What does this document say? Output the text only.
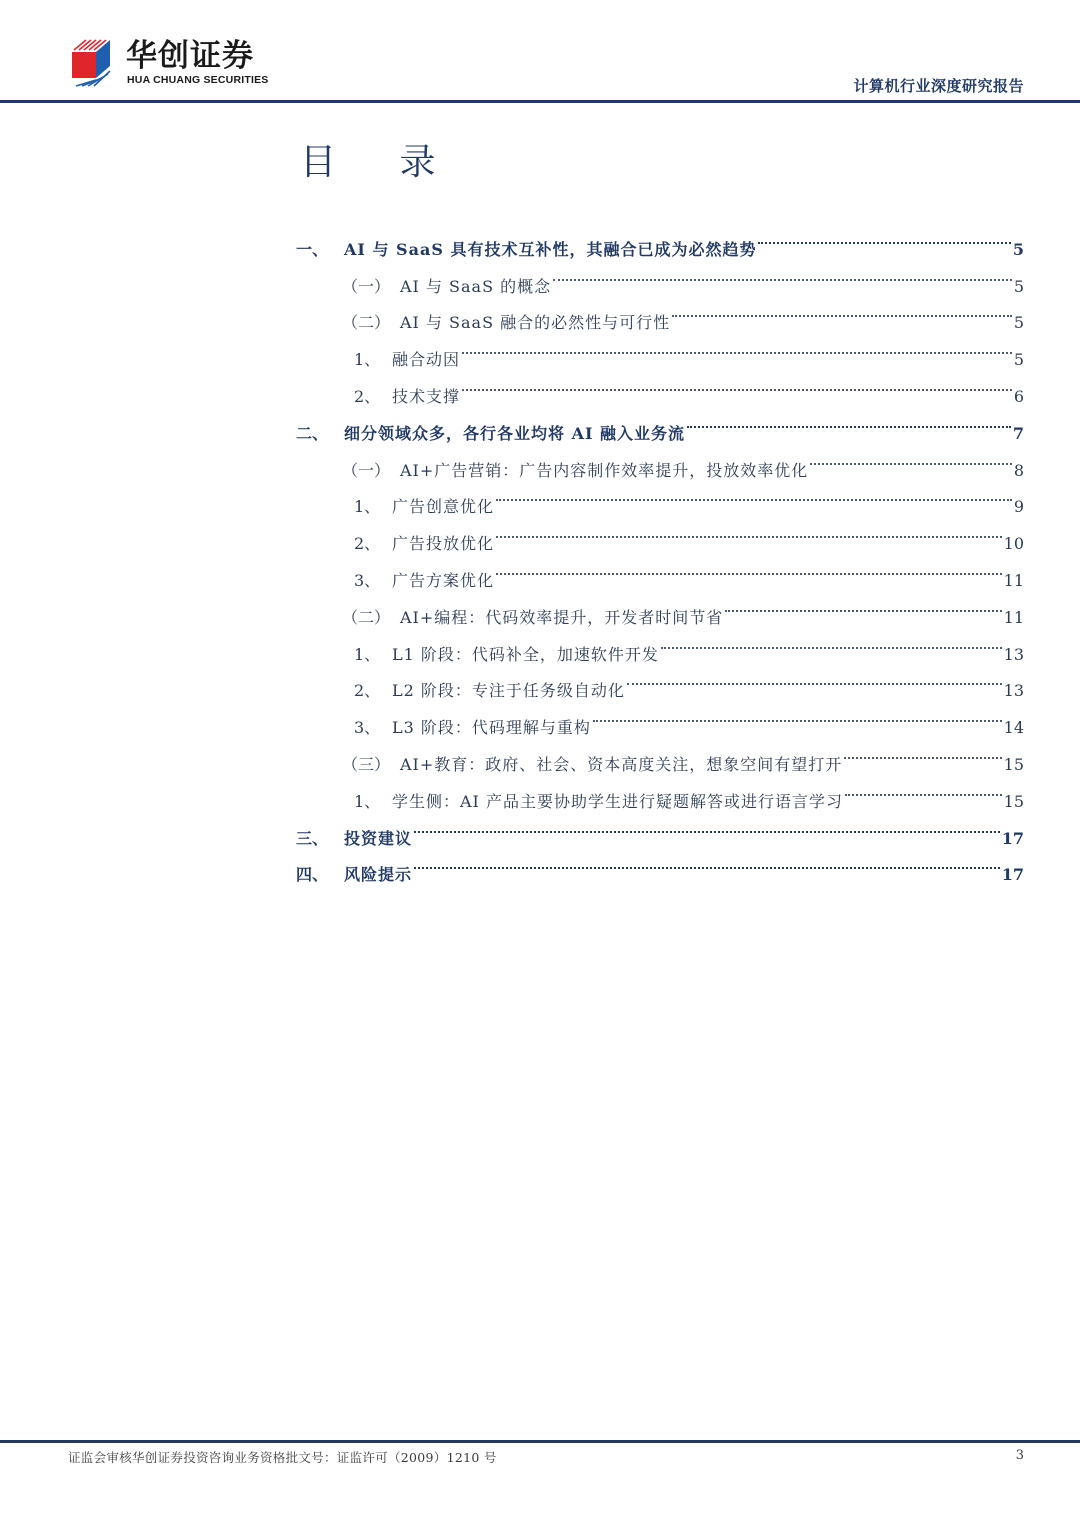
华创证券
HUA CHUANG SECURITIES	计算机行业深度研究报告
目 录
一、 AI 与 SaaS 具有技术互补性，其融合已成为必然趋势	5
（一） AI 与 SaaS 的概念	5
（二） AI 与 SaaS 融合的必然性与可行性	5
1、 融合动因	5
2、 技术支撑	6
二、 细分领域众多，各行各业均将 AI 融入业务流	7
（一） AI+广告营销：广告内容制作效率提升，投放效率优化	8
1、 广告创意优化	9
2、 广告投放优化	10
3、 广告方案优化	11
（二） AI+编程：代码效率提升，开发者时间节省	11
1、 L1 阶段：代码补全，加速软件开发	13
2、 L2 阶段：专注于任务级自动化	13
3、 L3 阶段：代码理解与重构	14
（三） AI+教育：政府、社会、资本高度关注，想象空间有望打开	15
1、 学生侧：AI 产品主要协助学生进行疑题解答或进行语言学习	15
三、 投资建议	17
四、 风险提示	17
证监会审核华创证券投资咨询业务资格批文号：证监许可（2009）1210 号	3
